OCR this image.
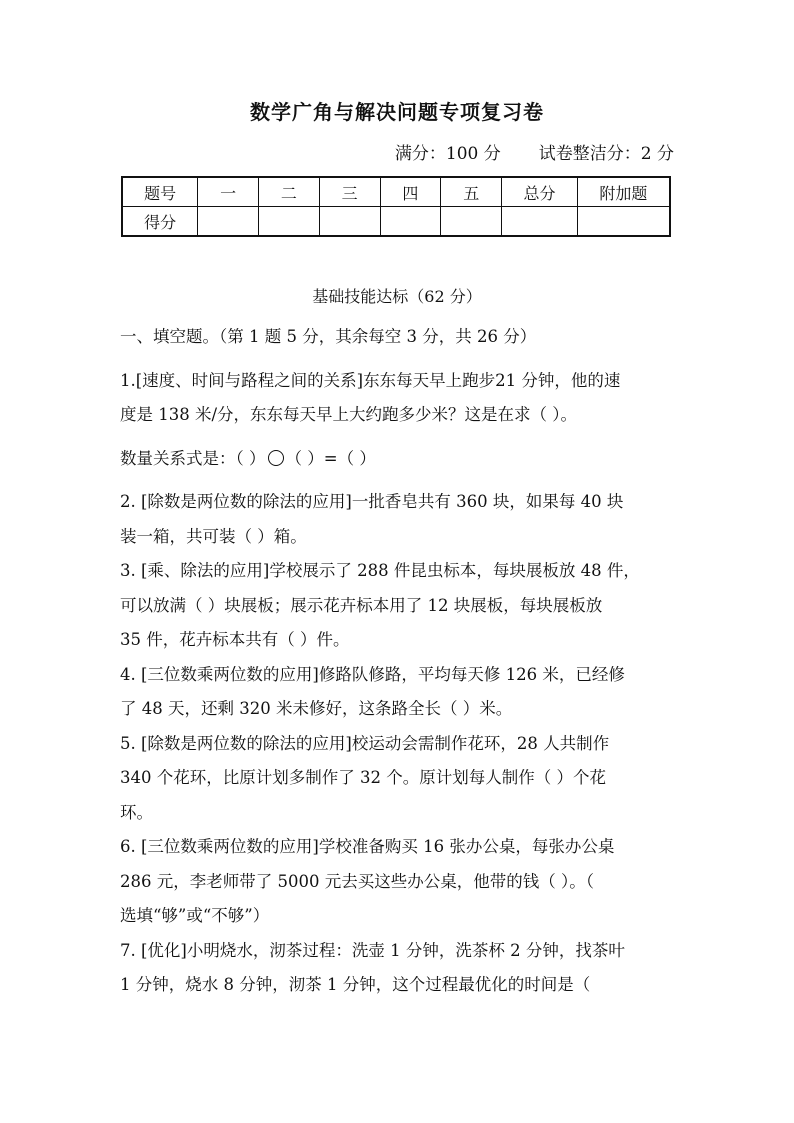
数学广角与解决问题专项复习卷
满分：100 分 试卷整洁分：2 分
题号	一	二	三	四	五	总分	附加题
得分							
基础技能达标（62 分）
一、填空题。（第 1 题 5 分，其余每空 3 分，共 26 分）
1.[速度、时间与路程之间的关系]东东每天早上跑步21 分钟，他的速
度是 138 米/分，东东每天早上大约跑多少米？这是在求（ ）。
数量关系式是：（ ） （ ）=（ ）
2. [除数是两位数的除法的应用]一批香皂共有 360 块，如果每 40 块
装一箱，共可装（ ）箱。
3. [乘、除法的应用]学校展示了 288 件昆虫标本，每块展板放 48 件，
可以放满（ ）块展板；展示花卉标本用了 12 块展板，每块展板放
35 件，花卉标本共有（ ）件。
4. [三位数乘两位数的应用]修路队修路，平均每天修 126 米，已经修
了 48 天，还剩 320 米未修好，这条路全长（ ）米。
5. [除数是两位数的除法的应用]校运动会需制作花环，28 人共制作
340 个花环，比原计划多制作了 32 个。原计划每人制作（ ）个花
环。
6. [三位数乘两位数的应用]学校准备购买 16 张办公桌，每张办公桌
286 元，李老师带了 5000 元去买这些办公桌，他带的钱（ ）。（
选填“够”或“不够”）
7. [优化]小明烧水，沏茶过程：洗壶 1 分钟，洗茶杯 2 分钟，找茶叶
1 分钟，烧水 8 分钟，沏茶 1 分钟，这个过程最优化的时间是（
